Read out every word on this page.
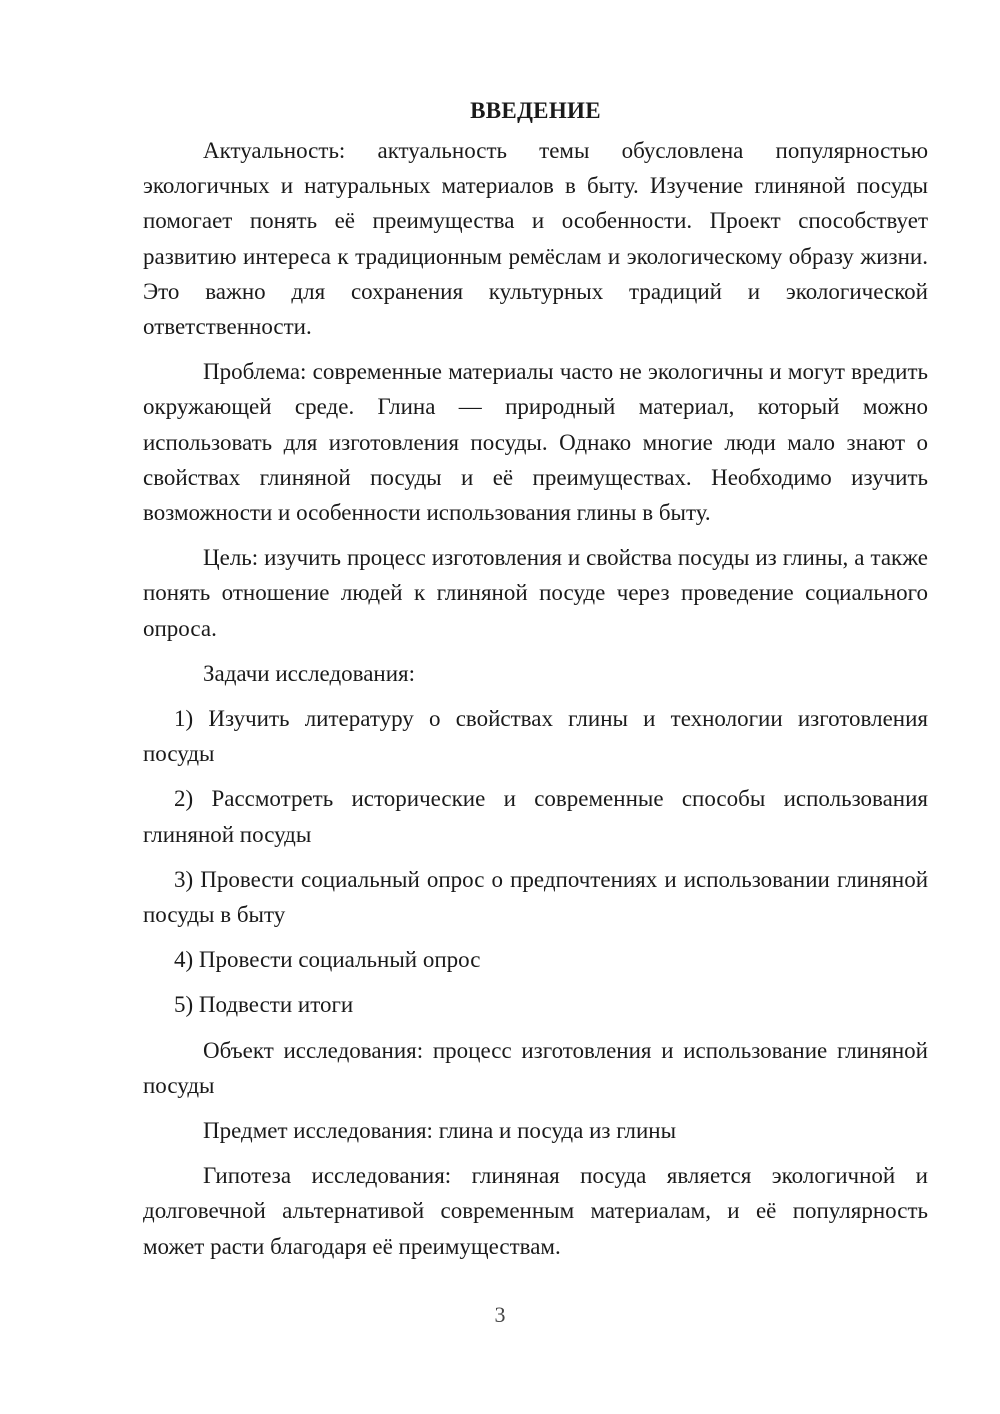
ВВЕДЕНИЕ

Актуальность: актуальность темы обусловлена популярностью экологичных и натуральных материалов в быту. Изучение глиняной посуды помогает понять её преимущества и особенности. Проект способствует развитию интереса к традиционным ремёслам и экологическому образу жизни. Это важно для сохранения культурных традиций и экологической ответственности.

Проблема: современные материалы часто не экологичны и могут вредить окружающей среде. Глина — природный материал, который можно использовать для изготовления посуды. Однако многие люди мало знают о свойствах глиняной посуды и её преимуществах. Необходимо изучить возможности и особенности использования глины в быту.

Цель: изучить процесс изготовления и свойства посуды из глины, а также понять отношение людей к глиняной посуде через проведение социального опроса.

Задачи исследования:

1) Изучить литературу о свойствах глины и технологии изготовления посуды

2) Рассмотреть исторические и современные способы использования глиняной посуды

3) Провести социальный опрос о предпочтениях и использовании глиняной посуды в быту

4) Провести социальный опрос

5) Подвести итоги

Объект исследования: процесс изготовления и использование глиняной посуды

Предмет исследования: глина и посуда из глины

Гипотеза исследования: глиняная посуда является экологичной и долговечной альтернативой современным материалам, и её популярность может расти благодаря её преимуществам.

3
